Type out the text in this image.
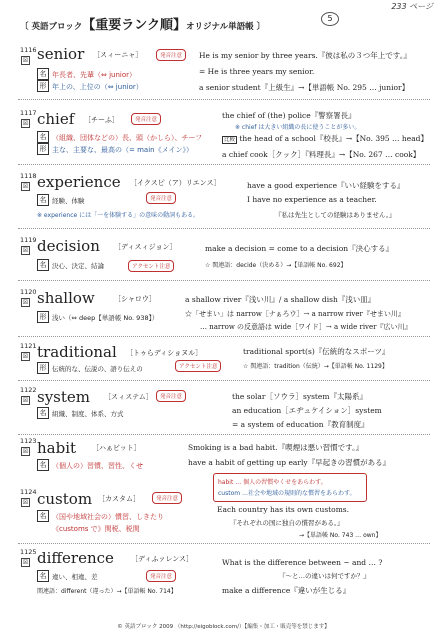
233 ページ
〔 英語ブロック【重要ランク順】オリジナル単語帳 〕
5
1116
☒ senior ［スィーニャ］	発音注意
名 年長者、先輩（⇔ junior）
形 年上の、上位の（⇔ junior）
He is my senior by three years.『彼は私の３つ年上です。』
= He is three years my senior.
a senior student『上級生』→【単語帳 No. 295 … junior】
1117
☒ chief ［チーふ］	発音注意
名 （組織、団体などの）長、頭（かしら）、チーフ
形 主な、主要な、最高の（= main《メイン》）
the chief of (the) police『警察署長』
※ chief は大きい組織の長に使うことが多い。
比較 the head of a school『校長』→【No. 395 … head】
a chief cook［クック］『料理長』→【No. 267 … cook】
1118
☒ experience ［イクスピ（ア）リエンス］
発音注意
名 経験、体験
※ experience には「一を体験する」の意味の動詞もある。
have a good experience『いい経験をする』
I have no experience as a teacher.
『私は先生としての経験はありません。』
1119
☒ decision ［ディスィジョン］
アクセント注意
名 決心、決定、結論
make a decision = come to a decision『決心する』
☆ 関連語：decide（決める）→【単語帳 No. 692】
1120
☒ shallow	［シャロウ］
形 浅い（⇔ deep【単語帳 No. 938】）
a shallow river『浅い川』/ a shallow dish『浅い皿』
☆「せまい」は narrow［ナぁろウ］→ a narrow river『せまい川』
… narrow の反意語は wide［ワイド］→ a wide river『広い川』
1121
☒ traditional ［トゥらディショヌル］
アクセント注意
形 伝統的な、伝説の、語り伝えの
traditional sport(s)『伝統的なスポーツ』
☆ 関連語：tradition（伝統）→【単語帳 No. 1129】
1122
☒ system ［スィステム］	発音注意
名 組織、制度、体系、方式
the solar［ソウラ］system『太陽系』
an education［エヂュケイション］system
= a system of education『教育制度』
1123
☒ habit ［ハぁビット］
名 （個人の）習慣、習性、くせ
Smoking is a bad habit.『喫煙は悪い習慣です。』
have a habit of getting up early『早起きの習慣がある』
habit … 個人の習慣やくせをあらわす。
custom …社会や地域の規則的な慣習をあらわす。
1124
☒ custom ［カスタム］	発音注意
名 （国や地域社会の）慣習、しきたり
《customs で》関税、税関
Each country has its own customs.
『それぞれの国に独自の慣習がある。』
→【単語帳 No. 743 … own】
1125
☒ difference ［ディふァレンス］
発音注意
名 違い、相違、差
関連語：different（違った）→【単語帳 No. 714】
What is the difference between ~ and … ?
『～と…の違いは何ですか？』
make a difference『違いが生じる』
© 英語ブロック 2009 （http://eigoblock.com/）【編集・加工・販売等を禁じます】
